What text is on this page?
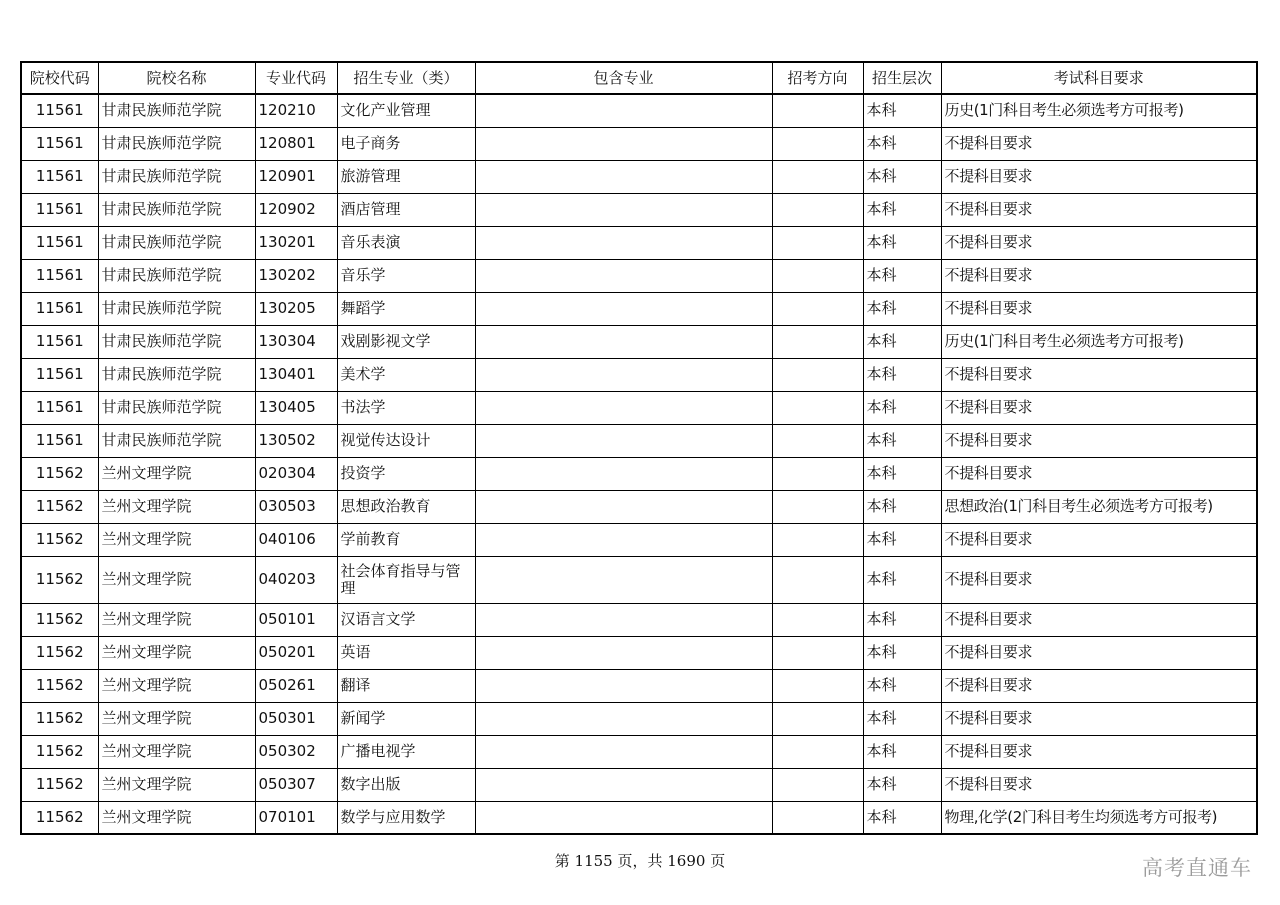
院校代码	院校名称	专业代码	招生专业（类）	包含专业	招考方向	招生层次	考试科目要求
11561	甘肃民族师范学院	120210	文化产业管理			本科	历史(1门科目考生必须选考方可报考)
11561	甘肃民族师范学院	120801	电子商务			本科	不提科目要求
11561	甘肃民族师范学院	120901	旅游管理			本科	不提科目要求
11561	甘肃民族师范学院	120902	酒店管理			本科	不提科目要求
11561	甘肃民族师范学院	130201	音乐表演			本科	不提科目要求
11561	甘肃民族师范学院	130202	音乐学			本科	不提科目要求
11561	甘肃民族师范学院	130205	舞蹈学			本科	不提科目要求
11561	甘肃民族师范学院	130304	戏剧影视文学			本科	历史(1门科目考生必须选考方可报考)
11561	甘肃民族师范学院	130401	美术学			本科	不提科目要求
11561	甘肃民族师范学院	130405	书法学			本科	不提科目要求
11561	甘肃民族师范学院	130502	视觉传达设计			本科	不提科目要求
11562	兰州文理学院	020304	投资学			本科	不提科目要求
11562	兰州文理学院	030503	思想政治教育			本科	思想政治(1门科目考生必须选考方可报考)
11562	兰州文理学院	040106	学前教育			本科	不提科目要求
11562	兰州文理学院	040203	社会体育指导与管理			本科	不提科目要求
11562	兰州文理学院	050101	汉语言文学			本科	不提科目要求
11562	兰州文理学院	050201	英语			本科	不提科目要求
11562	兰州文理学院	050261	翻译			本科	不提科目要求
11562	兰州文理学院	050301	新闻学			本科	不提科目要求
11562	兰州文理学院	050302	广播电视学			本科	不提科目要求
11562	兰州文理学院	050307	数字出版			本科	不提科目要求
11562	兰州文理学院	070101	数学与应用数学			本科	物理,化学(2门科目考生均须选考方可报考)
第 1155 页，共 1690 页	高考直通车
